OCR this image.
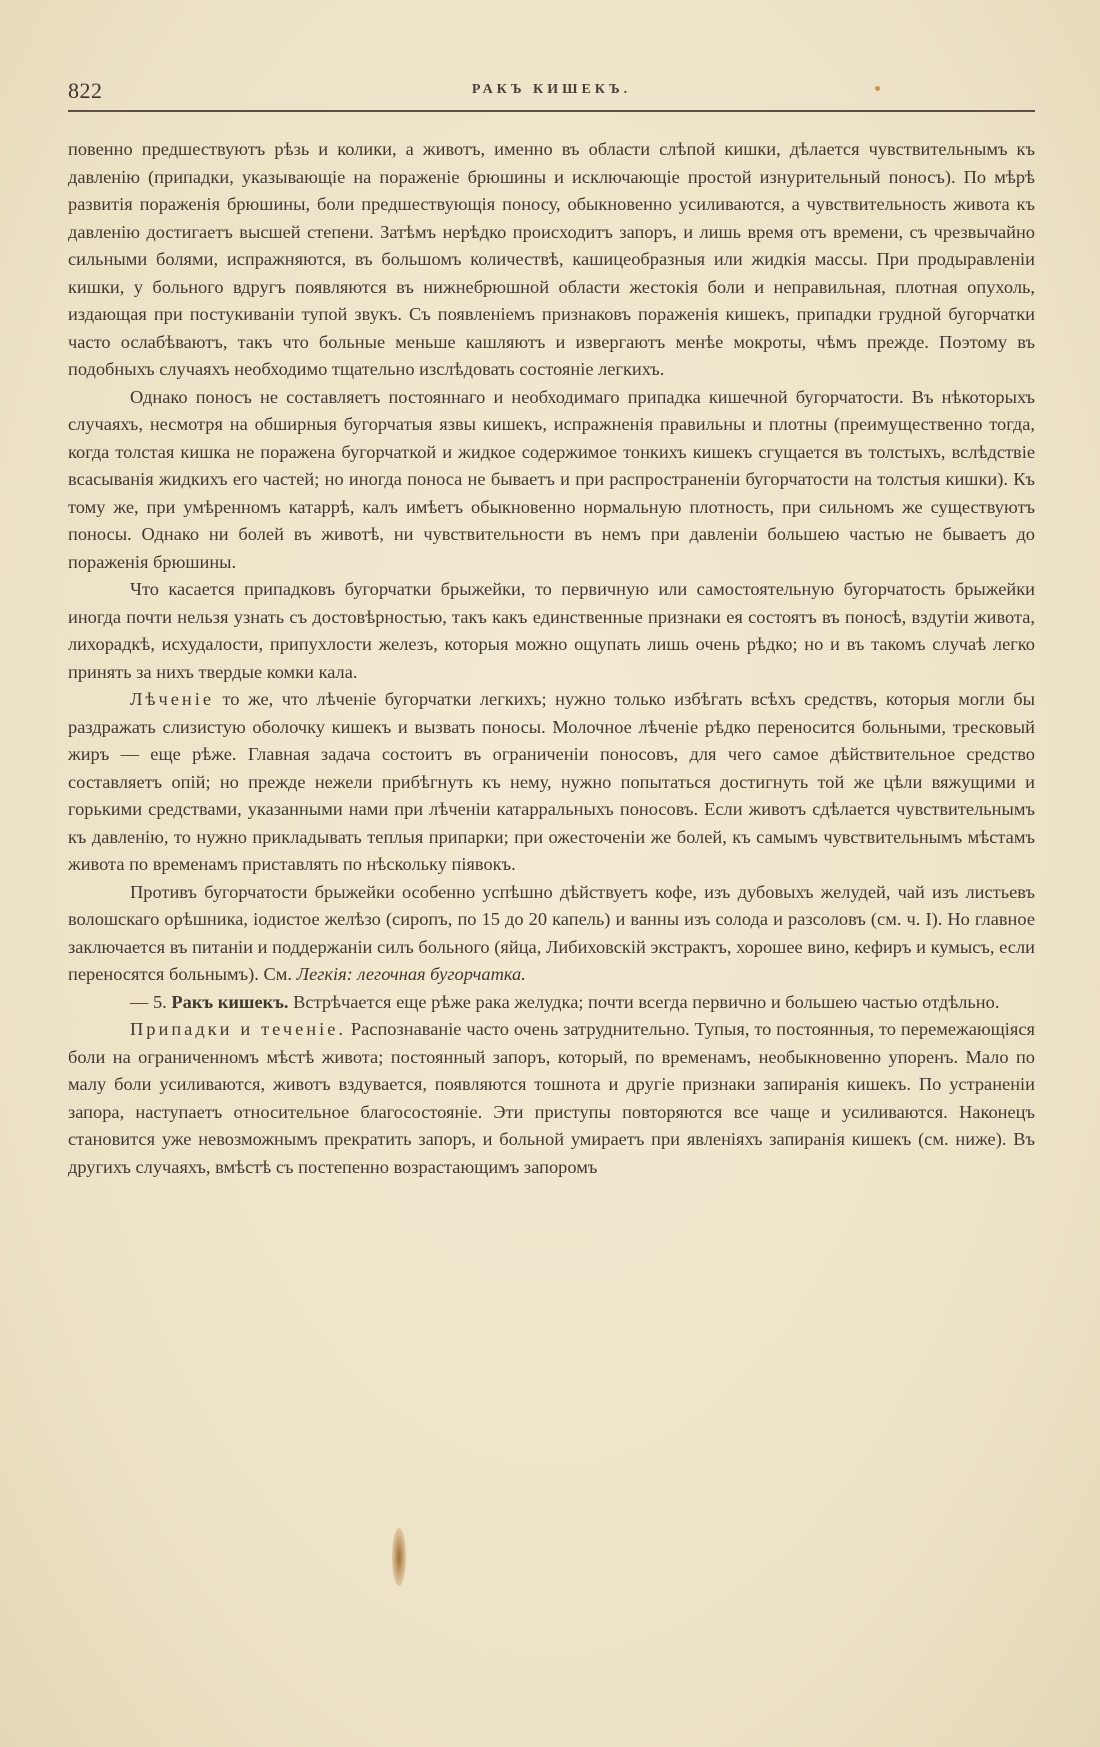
822	РАКЪ КИШЕКЪ.

повенно предшествуютъ рѣзь и колики, а животъ, именно въ области слѣпой кишки, дѣлается чувствительнымъ къ давленію (припадки, указывающіе на пораженіе брюшины и исключающіе простой изнурительный поносъ). По мѣрѣ развитія пораженія брюшины, боли предшествующія поносу, обыкновенно усиливаются, а чувствительность живота къ давленію достигаетъ высшей степени. Затѣмъ нерѣдко проиcходитъ запоръ, и лишь время отъ времени, съ чрезвычайно сильными болями, испражняются, въ большомъ количествѣ, кашицеобразныя или жидкія массы. При продыравленіи кишки, у больного вдругъ появляются въ нижнебрюшной области жестокія боли и неправильная, плотная опухоль, издающая при постукиваніи тупой звукъ. Съ появленіемъ признаковъ пораженія кишекъ, припадки грудной бугорчатки часто ослабѣваютъ, такъ что больные меньше кашляютъ и извергаютъ менѣе мокроты, чѣмъ прежде. Поэтому въ подобныхъ случаяхъ необходимо тщательно изслѣдовать состояніе легкихъ.

Однако поносъ не составляетъ постояннаго и необходимаго припадка кишечной бугорчатости. Въ нѣкоторыхъ случаяхъ, несмотря на обширныя бугорчатыя язвы кишекъ, испражненія правильны и плотны (преимущественно тогда, когда толстая кишка не поражена бугорчаткой и жидкое содержимое тонкихъ кишекъ сгущается въ толстыхъ, вслѣдствіе всасыванія жидкихъ его частей; но иногда поноса не бываетъ и при распространеніи бугорчатости на толстыя кишки). Къ тому же, при умѣренномъ катаррѣ, калъ имѣетъ обыкновенно нормальную плотность, при сильномъ же существуютъ поносы. Однако ни болей въ животѣ, ни чувствительности въ немъ при давленіи большею частью не бываетъ до пораженія брюшины.

Что касается припадковъ бугорчатки брыжейки, то первичную или самостоятельную бугорчатость брыжейки иногда почти нельзя узнать съ достовѣрностью, такъ какъ единственные признаки ея состоятъ въ поносѣ, вздутіи живота, лихорадкѣ, исхудалости, припухлости железъ, которыя можно ощупать лишь очень рѣдко; но и въ такомъ случаѣ легко принять за нихъ твердые комки кала.

Лѣченіе то же, что лѣченіе бугорчатки легкихъ; нужно только избѣгать всѣхъ средствъ, которыя могли бы раздражать слизистую оболочку кишекъ и вызвать поносы. Молочное лѣченіе рѣдко переносится больными, тресковый жиръ — еще рѣже. Главная задача состоитъ въ ограниченіи поносовъ, для чего самое дѣйствительное средство составляетъ опій; но прежде нежели прибѣгнуть къ нему, нужно попытаться достигнуть той же цѣли вяжущими и горькими средствами, указанными нами при лѣченіи катарральныхъ поносовъ. Если животъ сдѣлается чувствительнымъ къ давленію, то нужно прикладывать теплыя припарки; при ожесточеніи же болей, къ самымъ чувствительнымъ мѣстамъ живота по временамъ приставлять по нѣскольку піявокъ.

Противъ бугорчатости брыжейки особенно успѣшно дѣйствуетъ кофе, изъ дубовыхъ желудей, чай изъ листьевъ волошскаго орѣшника, іодистое желѣзо (сиропъ, по 15 до 20 капель) и ванны изъ солода и разсоловъ (см. ч. I). Но главное заключается въ питаніи и поддержаніи силъ больного (яйца, Либиховскій экстрактъ, хорошее вино, кефиръ и кумысъ, если переносятся больнымъ). См. Легкія: легочная бугорчатка.

— 5. Ракъ кишекъ. Встрѣчается еще рѣже рака желудка; почти всегда первично и большею частью отдѣльно.

Припадки и теченіе. Распознаваніе часто очень затруднительно. Тупыя, то постоянныя, то перемежающіяся боли на ограниченномъ мѣстѣ живота; постоянный запоръ, который, по временамъ, необыкновенно упоренъ. Мало по малу боли усиливаются, животъ вздувается, появляются тошнота и другіе признаки запиранія кишекъ. По устраненіи запора, наступаетъ относительное благосостояніе. Эти приступы повторяются все чаще и усиливаются. Наконецъ становится уже невозможнымъ прекратить запоръ, и больной умираетъ при явленіяхъ запиранія кишекъ (см. ниже). Въ другихъ случаяхъ, вмѣстѣ съ постепенно возрастающимъ запоромъ
